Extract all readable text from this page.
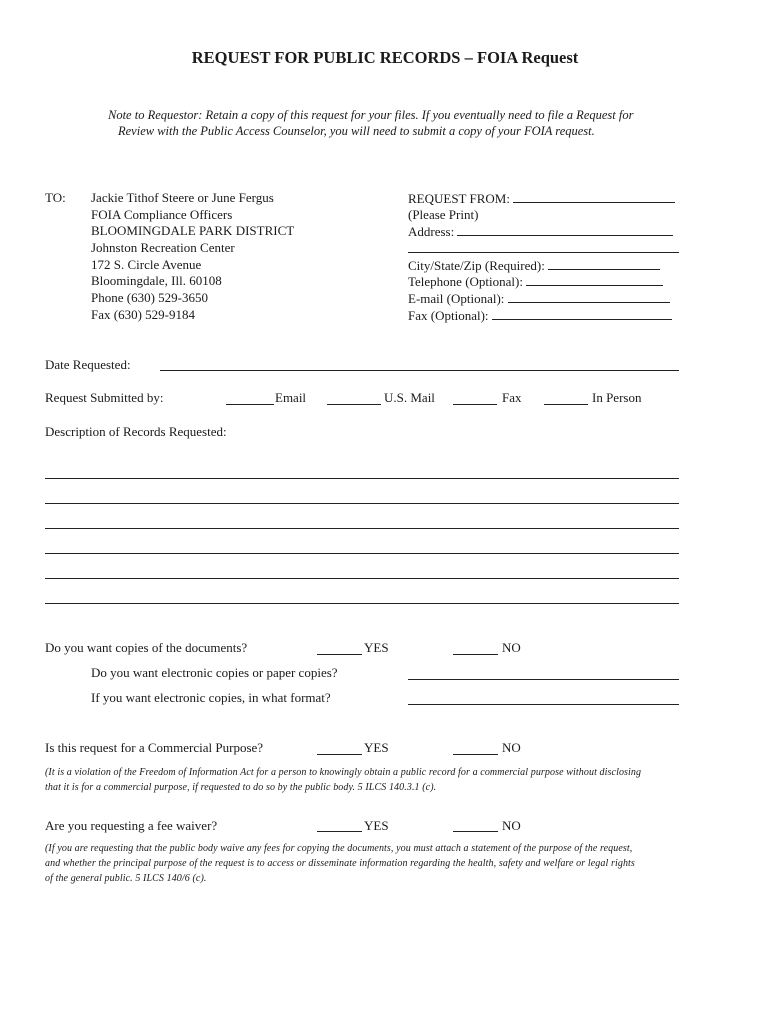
REQUEST FOR PUBLIC RECORDS – FOIA Request
Note to Requestor: Retain a copy of this request for your files. If you eventually need to file a Request for
Review with the Public Access Counselor, you will need to submit a copy of your FOIA request.
TO: Jackie Tithof Steere or June Fergus
FOIA Compliance Officers
BLOOMINGDALE PARK DISTRICT
Johnston Recreation Center
172 S. Circle Avenue
Bloomingdale, Ill. 60108
Phone (630) 529-3650
Fax (630) 529-9184
REQUEST FROM:
(Please Print)
Address:
City/State/Zip (Required):
Telephone (Optional):
E-mail (Optional):
Fax (Optional):
Date Requested:
Request Submitted by:	Email	U.S. Mail	Fax	In Person
Description of Records Requested:
Do you want copies of the documents?	YES	NO
Do you want electronic copies or paper copies?
If you want electronic copies, in what format?
Is this request for a Commercial Purpose?	YES	NO
(It is a violation of the Freedom of Information Act for a person to knowingly obtain a public record for a commercial purpose without disclosing
that it is for a commercial purpose, if requested to do so by the public body. 5 ILCS 140.3.1 (c).
Are you requesting a fee waiver?	YES	NO
(If you are requesting that the public body waive any fees for copying the documents, you must attach a statement of the purpose of the request,
and whether the principal purpose of the request is to access or disseminate information regarding the health, safety and welfare or legal rights
of the general public. 5 ILCS 140/6 (c).
